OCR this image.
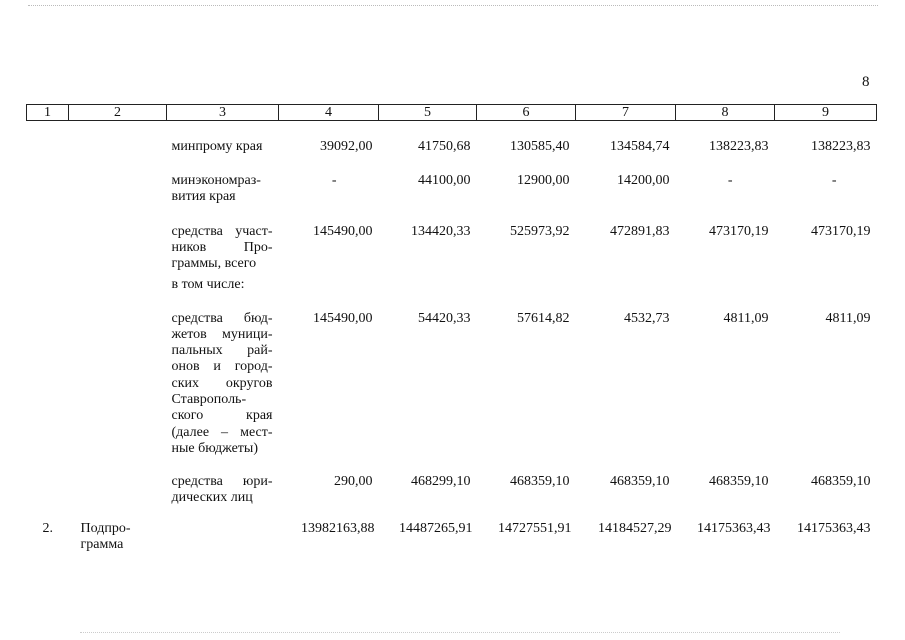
8
1	2	3	4	5	6	7	8	9
		минпрому края	39092,00	41750,68	130585,40	134584,74	138223,83	138223,83
		минэкономраз-вития края	-	44100,00	12900,00	14200,00	-	-
		средства участ-ников Про-граммы, всего	145490,00	134420,33	525973,92	472891,83	473170,19	473170,19
		в том числе:						
		средства бюд-жетов муници-пальных рай-онов и город-ских округов Ставрополь-ского края (далее – мест-ные бюджеты)	145490,00	54420,33	57614,82	4532,73	4811,09	4811,09
		средства юри-дических лиц	290,00	468299,10	468359,10	468359,10	468359,10	468359,10
2.	Подпро-грамма		13982163,88	14487265,91	14727551,91	14184527,29	14175363,43	14175363,43
